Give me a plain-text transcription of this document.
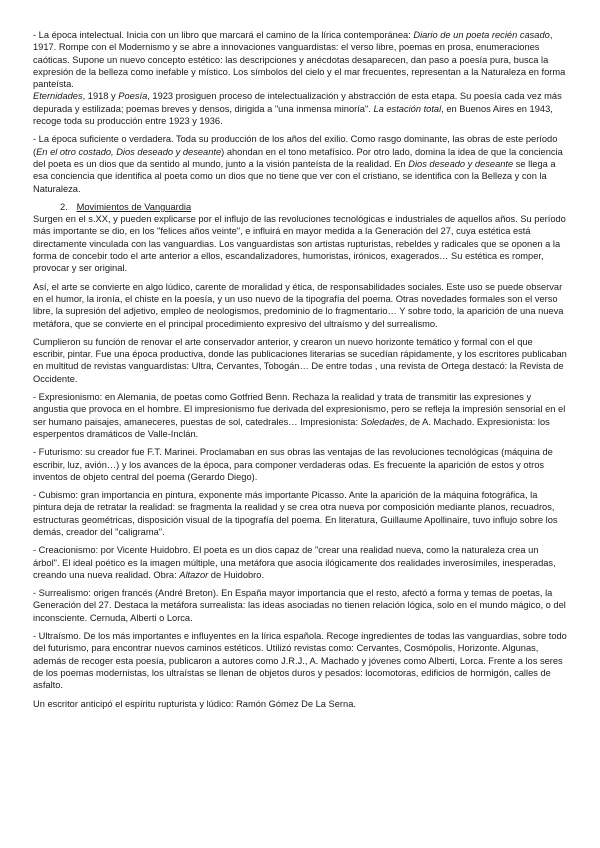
- La época intelectual. Inicia con un libro que marcará el camino de la lírica contemporánea: Diario de un poeta recién casado, 1917. Rompe con el Modernismo y se abre a innovaciones vanguardistas: el verso libre, poemas en prosa, enumeraciones caóticas. Supone un nuevo concepto estético: las descripciones y anécdotas desaparecen, dan paso a poesía pura, busca la expresión de la belleza como inefable y místico. Los símbolos del cielo y el mar frecuentes, representan a la Naturaleza en forma panteísta.

Eternidades, 1918 y Poesía, 1923 prosiguen proceso de intelectualización y abstracción de esta etapa. Su poesía cada vez más depurada y estilizada; poemas breves y densos, dirigida a "una inmensa minoría". La estación total, en Buenos Aires en 1943, recoge toda su producción entre 1923 y 1936.

- La época suficiente o verdadera. Toda su producción de los años del exilio. Como rasgo dominante, las obras de este período (En el otro costado, Dios deseado y deseante) ahondan en el tono metafísico. Por otro lado, domina la idea de que la conciencia del poeta es un dios que da sentido al mundo, junto a la visión panteísta de la realidad. En Dios deseado y deseante se llega a esa conciencia que identifica al poeta como un dios que no tiene que ver con el cristiano, se identifica con la Belleza y con la Naturaleza.

2. Movimientos de Vanguardia

Surgen en el s.XX, y pueden explicarse por el influjo de las revoluciones tecnológicas e industriales de aquellos años. Su período más importante se dio, en los "felices años veinte", e influirá en mayor medida a la Generación del 27, cuya estética está directamente vinculada con las vanguardias. Los vanguardistas son artistas rupturistas, rebeldes y radicales que se oponen a la forma de concebir todo el arte anterior a ellos, escandalizadores, humoristas, irónicos, exagerados… Su estética es romper, provocar y ser original.

Así, el arte se convierte en algo lúdico, carente de moralidad y ética, de responsabilidades sociales. Este uso se puede observar en el humor, la ironía, el chiste en la poesía, y un uso nuevo de la tipografía del poema. Otras novedades formales son el verso libre, la supresión del adjetivo, empleo de neologismos, predominio de lo fragmentario… Y sobre todo, la aparición de una nueva metáfora, que se convierte en el principal procedimiento expresivo del ultraísmo y del surrealismo.

Cumplieron su función de renovar el arte conservador anterior, y crearon un nuevo horizonte temático y formal con el que escribir, pintar. Fue una época productiva, donde las publicaciones literarias se sucedían rápidamente, y los escritores publicaban en multitud de revistas vanguardistas: Ultra, Cervantes, Tobogán… De entre todas , una revista de Ortega destacó: la Revista de Occidente.

- Expresionismo: en Alemania, de poetas como Gotfried Benn. Rechaza la realidad y trata de transmitir las expresiones y angustia que provoca en el hombre. El impresionismo fue derivada del expresionismo, pero se refleja la impresión sensorial en el ser humano paisajes, amaneceres, puestas de sol, catedrales… Impresionista: Soledades, de A. Machado. Expresionista: los esperpentos dramáticos de Valle-Inclán.

- Futurismo: su creador fue F.T. Marinei. Proclamaban en sus obras las ventajas de las revoluciones tecnológicas (máquina de escribir, luz, avión…) y los avances de la época, para componer verdaderas odas. Es frecuente la aparición de estos y otros inventos de objeto central del poema (Gerardo Diego).

- Cubismo: gran importancia en pintura, exponente más importante Picasso. Ante la aparición de la máquina fotográfica, la pintura deja de retratar la realidad: se fragmenta la realidad y se crea otra nueva por composición mediante planos, recuadros, estructuras geométricas, disposición visual de la tipografía del poema. En literatura, Guillaume Apollinaire, tuvo influjo sobre los demás, creador del "caligrama".

- Creacionismo: por Vicente Huidobro. El poeta es un dios capaz de "crear una realidad nueva, como la naturaleza crea un árbol". El ideal poético es la imagen múltiple, una metáfora que asocia ilógicamente dos realidades inverosímiles, inesperadas, creando una nueva realidad. Obra: Altazor de Huidobro.

- Surrealismo: origen francés (André Breton). En España mayor importancia que el resto, afectó a forma y temas de poetas, la Generación del 27. Destaca la metáfora surrealista: las ideas asociadas no tienen relación lógica, solo en el mundo mágico, o del inconsciente. Cernuda, Alberti o Lorca.

- Ultraísmo. De los más importantes e influyentes en la lírica española. Recoge ingredientes de todas las vanguardias, sobre todo del futurismo, para encontrar nuevos caminos estéticos. Utilizó revistas como: Cervantes, Cosmópolis, Horizonte. Algunas, además de recoger esta poesía, publicaron a autores como J.R.J., A. Machado y jóvenes como Alberti, Lorca. Frente a los seres de los poemas modernistas, los ultraístas se llenan de objetos duros y pesados: locomotoras, edificios de hormigón, calles de asfalto.

Un escritor anticipó el espíritu rupturista y lúdico: Ramón Gómez De La Serna.
